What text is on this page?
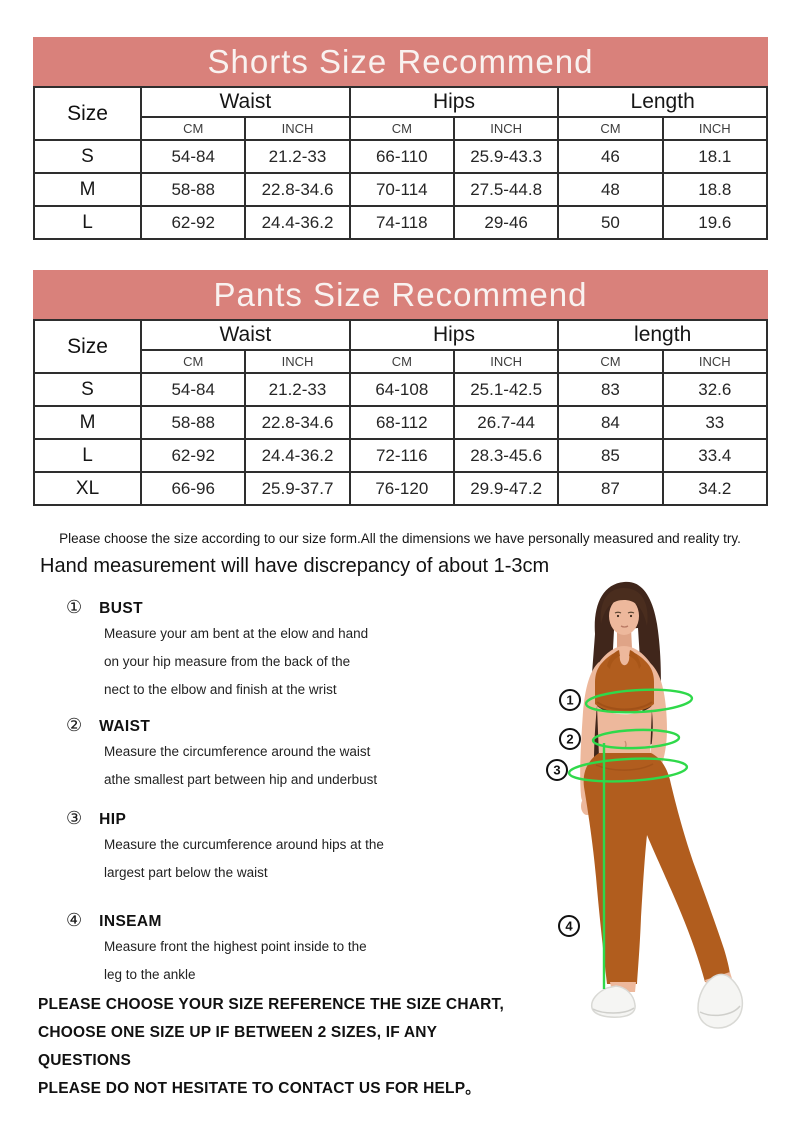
Shorts Size Recommend
Size	Waist		Hips		Length	
	CM	INCH	CM	INCH	CM	INCH
S	54-84	21.2-33	66-110	25.9-43.3	46	18.1
M	58-88	22.8-34.6	70-114	27.5-44.8	48	18.8
L	62-92	24.4-36.2	74-118	29-46	50	19.6
Pants Size Recommend
Size	Waist		Hips		length	
	CM	INCH	CM	INCH	CM	INCH
S	54-84	21.2-33	64-108	25.1-42.5	83	32.6
M	58-88	22.8-34.6	68-112	26.7-44	84	33
L	62-92	24.4-36.2	72-116	28.3-45.6	85	33.4
XL	66-96	25.9-37.7	76-120	29.9-47.2	87	34.2
Please choose the size according to our size form.All the dimensions we have personally measured and reality try.
Hand measurement will have discrepancy of about 1-3cm
① BUST
Measure your am bent at the elow and hand
on your hip measure from the back of the
nect to the elbow and finish at the wrist
② WAIST
Measure the circumference around the waist
athe smallest part between hip and underbust
③ HIP
Measure the curcumference around hips at the
largest part below the waist
④ INSEAM
Measure front the highest point inside to the
leg to the ankle
PLEASE CHOOSE YOUR SIZE REFERENCE THE SIZE CHART,
CHOOSE ONE SIZE UP IF BETWEEN 2 SIZES, IF ANY QUESTIONS
PLEASE DO NOT HESITATE TO CONTACT US FOR HELP。
1
2
3
4
